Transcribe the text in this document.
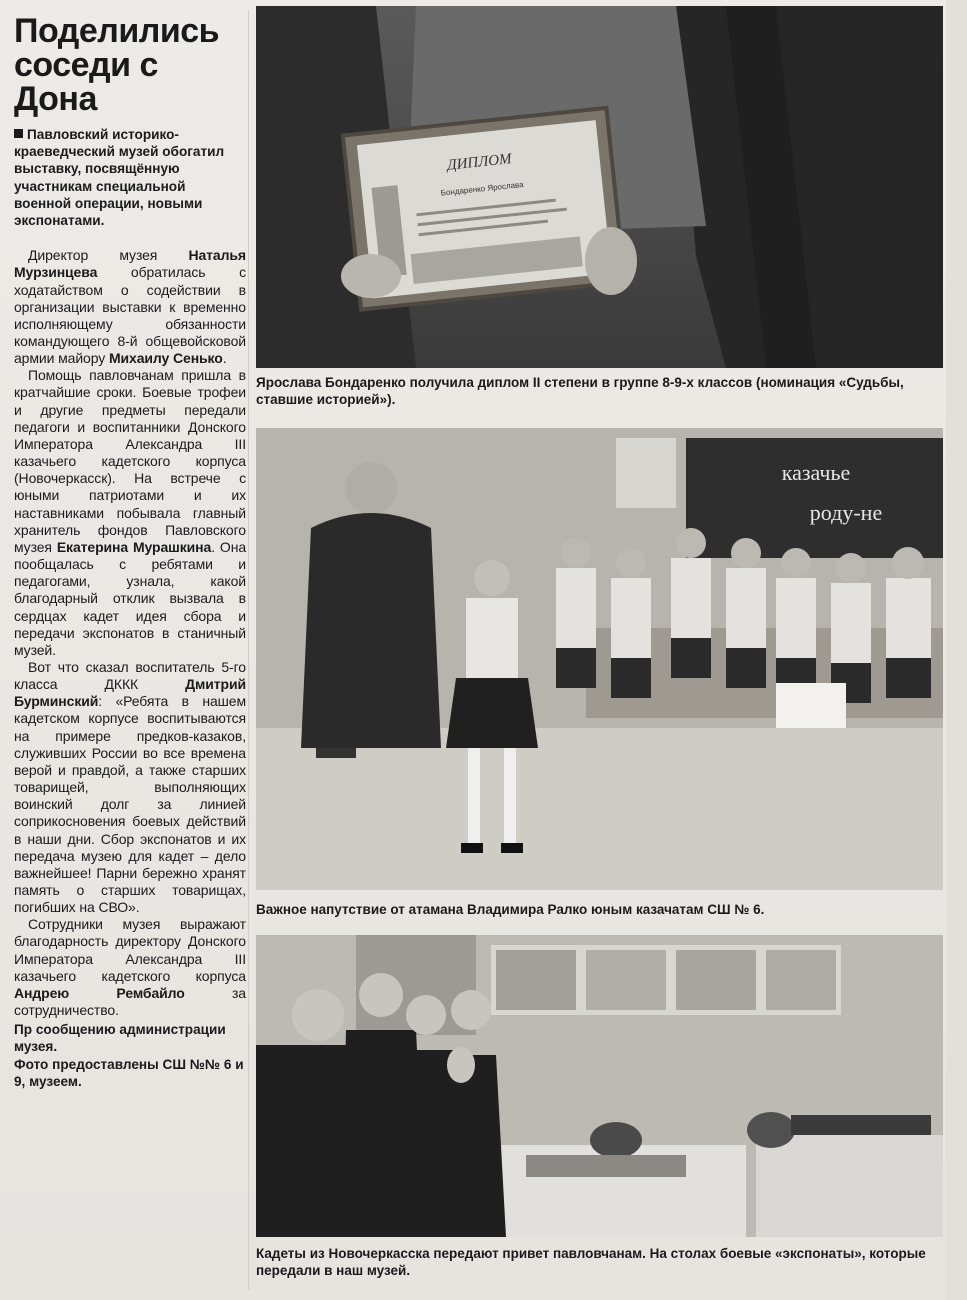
Поделились соседи с Дона
Павловский историко-краеведческий музей обогатил выставку, посвящённую участникам специальной военной операции, новыми экспонатами.

Директор музея Наталья Мурзинцева обратилась с ходатайством о содействии в организации выставки к временно исполняющему обязанности командующего 8-й общевойсковой армии майору Михаилу Сенько.

Помощь павловчанам пришла в кратчайшие сроки. Боевые трофеи и другие предметы передали педагоги и воспитанники Донского Императора Александра III казачьего кадетского корпуса (Новочеркасск). На встрече с юными патриотами и их наставниками побывала главный хранитель фондов Павловского музея Екатерина Мурашкина. Она пообщалась с ребятами и педагогами, узнала, какой благодарный отклик вызвала в сердцах кадет идея сбора и передачи экспонатов в станичный музей.

Вот что сказал воспитатель 5-го класса ДККК Дмитрий Бурминский: «Ребята в нашем кадетском корпусе воспитываются на примере предков-казаков, служивших России во все времена верой и правдой, а также старших товарищей, выполняющих воинский долг за линией соприкосновения боевых действий в наши дни. Сбор экспонатов и их передача музею для кадет – дело важнейшее! Парни бережно хранят память о старших товарищах, погибших на СВО».

Сотрудники музея выражают благодарность директору Донского Императора Александра III казачьего кадетского корпуса Андрею Рембайло за сотрудничество.

Пр сообщению администрации музея.
Фото предоставлены СШ №№ 6 и 9, музеем.
ДИПЛОМ
Бондаренко Ярослава
Ярослава Бондаренко получила диплом II степени в группе 8-9-х классов (номинация «Судьбы, ставшие историей»).
казачье
роду-не
Важное напутствие от атамана Владимира Ралко юным казачатам СШ № 6.
Кадеты из Новочеркасска передают привет павловчанам. На столах боевые «экспонаты», которые передали в наш музей.
